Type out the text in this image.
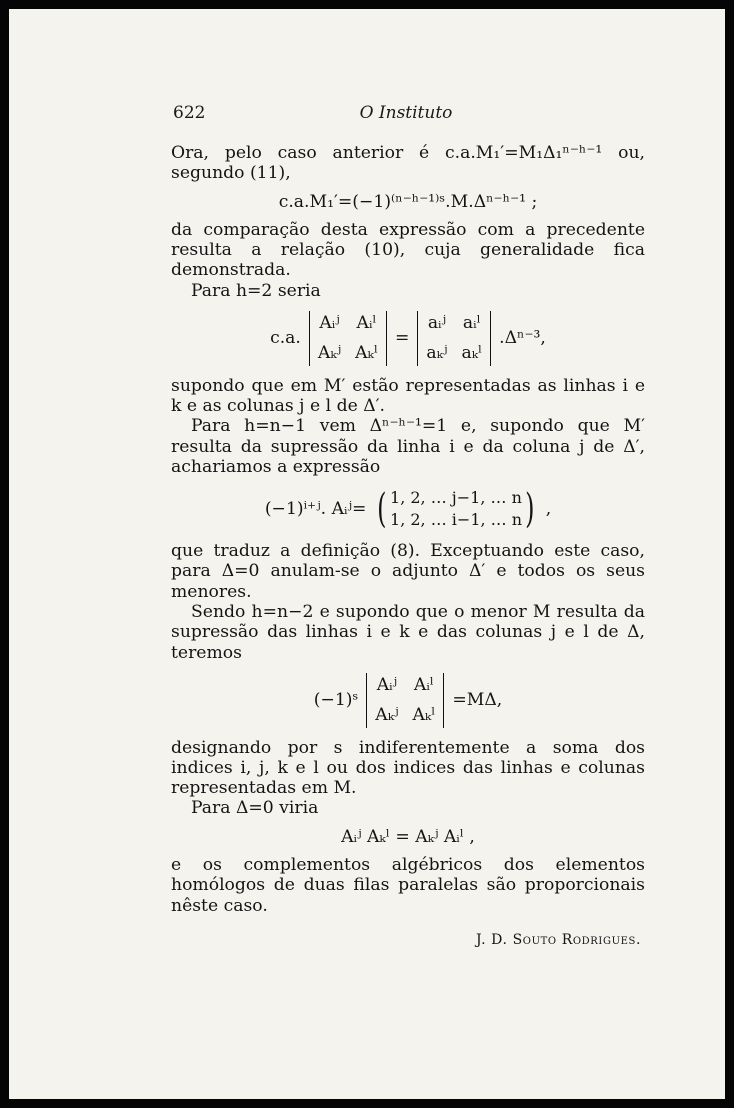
622	O Instituto

Ora, pelo caso anterior é c.a.M₁′=M₁Δ₁ⁿ⁻ʰ⁻¹ ou, segundo (11),

c.a.M₁′=(−1)⁽ⁿ⁻ʰ⁻¹⁾ˢ.M.Δⁿ⁻ʰ⁻¹ ;

da comparação desta expressão com a precedente resulta a relação (10), cuja generalidade fica demonstrada.

Para h=2 seria

c.a.
Aᵢʲ Aᵢˡ
Aₖʲ Aₖˡ
=
aᵢʲ aᵢˡ
aₖʲ aₖˡ
.Δⁿ⁻³,

supondo que em M′ estão representadas as linhas i e k e as colunas j e l de Δ′.

Para h=n−1 vem Δⁿ⁻ʰ⁻¹=1 e, supondo que M′ resulta da supressão da linha i e da coluna j de Δ′, achariamos a expressão

(−1)ⁱ⁺ʲ. Aᵢʲ= ( 1, 2, … j−1, … n
1, 2, … i−1, … n ) ,

que traduz a definição (8). Exceptuando este caso, para Δ=0 anulam-se o adjunto Δ′ e todos os seus menores.

Sendo h=n−2 e supondo que o menor M resulta da supressão das linhas i e k e das colunas j e l de Δ, teremos

(−1)ˢ
Aᵢʲ Aᵢˡ
Aₖʲ Aₖˡ
=MΔ,

designando por s indiferentemente a soma dos indices i, j, k e l ou dos indices das linhas e colunas representadas em M.

Para Δ=0 viria

Aᵢʲ Aₖˡ = Aₖʲ Aᵢˡ ,

e os complementos algébricos dos elementos homólogos de duas filas paralelas são proporcionais nêste caso.

J. D. Souto Rodrigues.
